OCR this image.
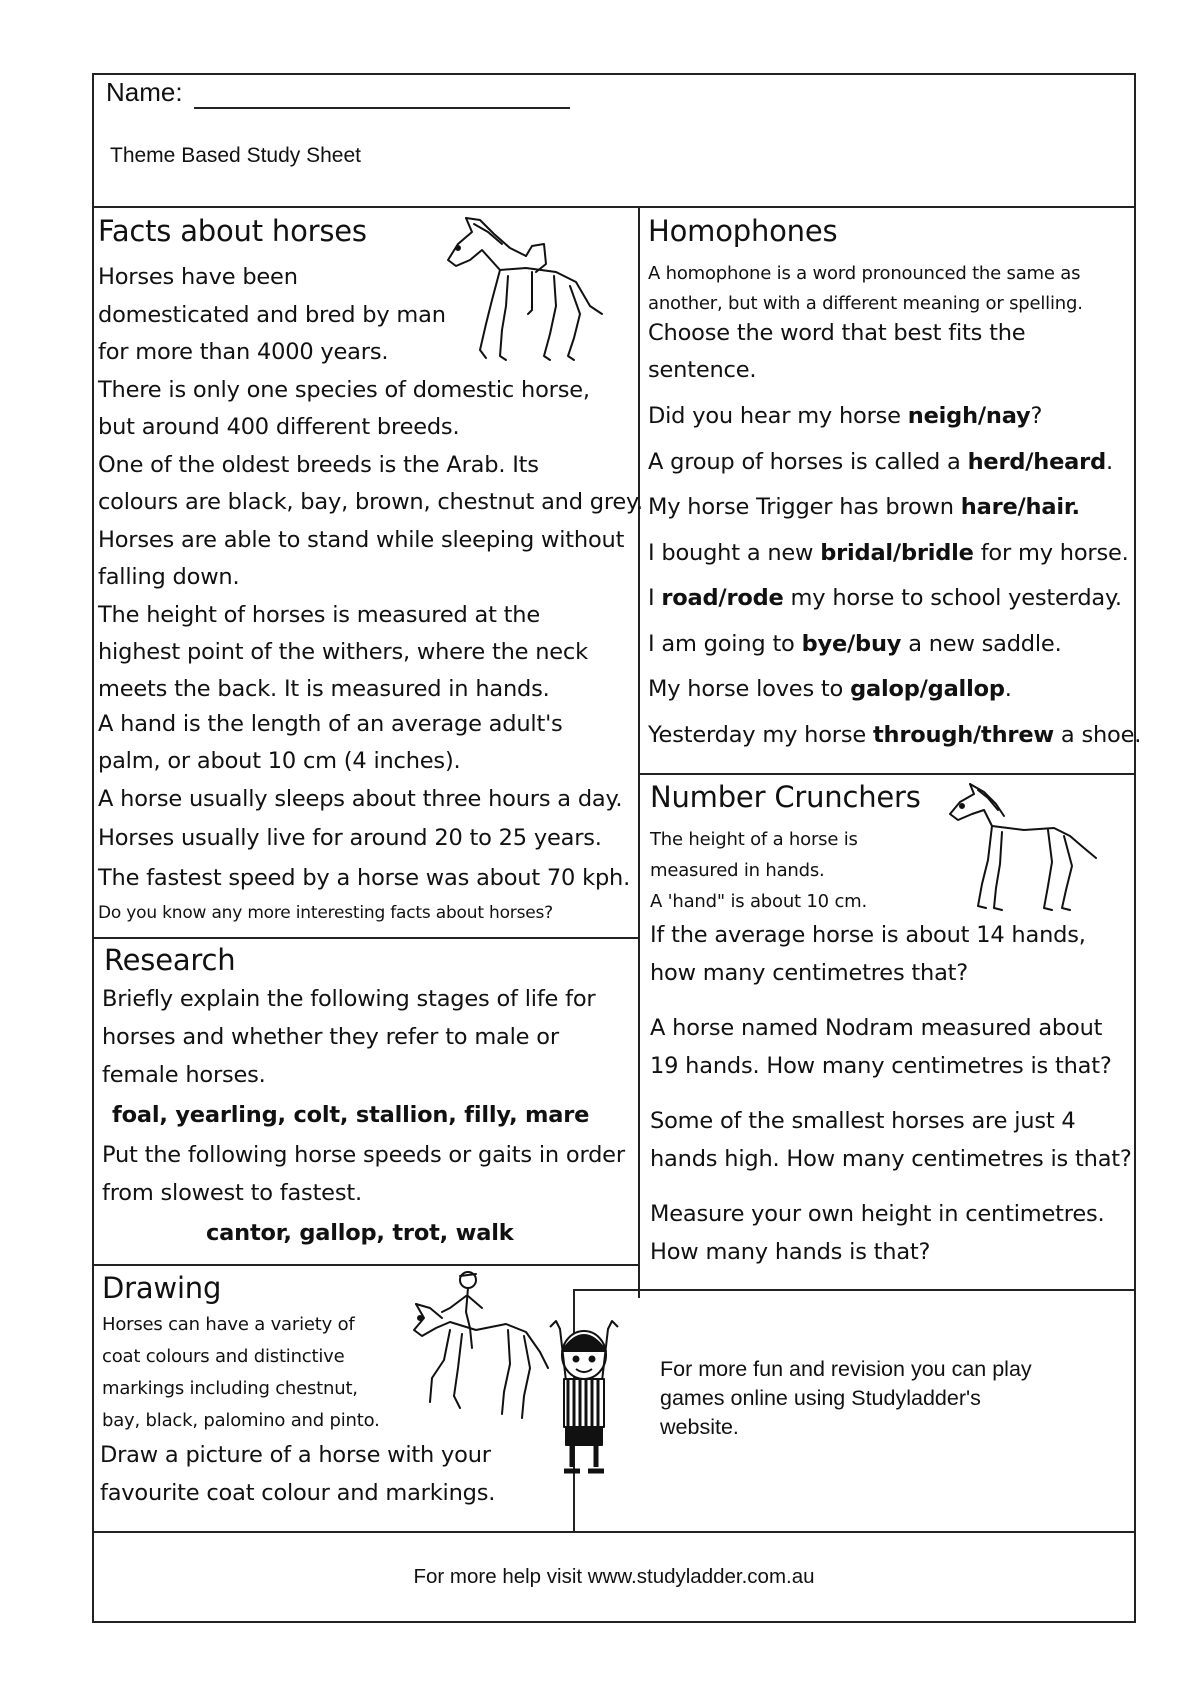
Name:
Theme Based Study Sheet
Facts about horses
Horses have been
domesticated and bred by man
for more than 4000 years.
There is only one species of domestic horse,
but around 400 different breeds.
One of the oldest breeds is the Arab. Its
colours are black, bay, brown, chestnut and grey.
Horses are able to stand while sleeping without
falling down.
The height of horses is measured at the
highest point of the withers, where the neck
meets the back. It is measured in hands.
A hand is the length of an average adult's
palm, or about 10 cm (4 inches).
A horse usually sleeps about three hours a day.
Horses usually live for around 20 to 25 years.
The fastest speed by a horse was about 70 kph.
Do you know any more interesting facts about horses?
Homophones
A homophone is a word pronounced the same as
another, but with a different meaning or spelling.
Choose the word that best fits the
sentence.
Did you hear my horse neigh/nay?
A group of horses is called a herd/heard.
My horse Trigger has brown hare/hair.
I bought a new bridal/bridle for my horse.
I road/rode my horse to school yesterday.
I am going to bye/buy a new saddle.
My horse loves to galop/gallop.
Yesterday my horse through/threw a shoe.
Number Crunchers
The height of a horse is
measured in hands.
A 'hand" is about 10 cm.
If the average horse is about 14 hands,
how many centimetres that?
A horse named Nodram measured about
19 hands. How many centimetres is that?
Some of the smallest horses are just 4
hands high. How many centimetres is that?
Measure your own height in centimetres.
How many hands is that?
Research
Briefly explain the following stages of life for
horses and whether they refer to male or
female horses.
foal, yearling, colt, stallion, filly, mare
Put the following horse speeds or gaits in order
from slowest to fastest.
cantor, gallop, trot, walk
Drawing
Horses can have a variety of
coat colours and distinctive
markings including chestnut,
bay, black, palomino and pinto.
Draw a picture of a horse with your
favourite coat colour and markings.
For more fun and revision you can play
games online using Studyladder's
website.
For more help visit www.studyladder.com.au
